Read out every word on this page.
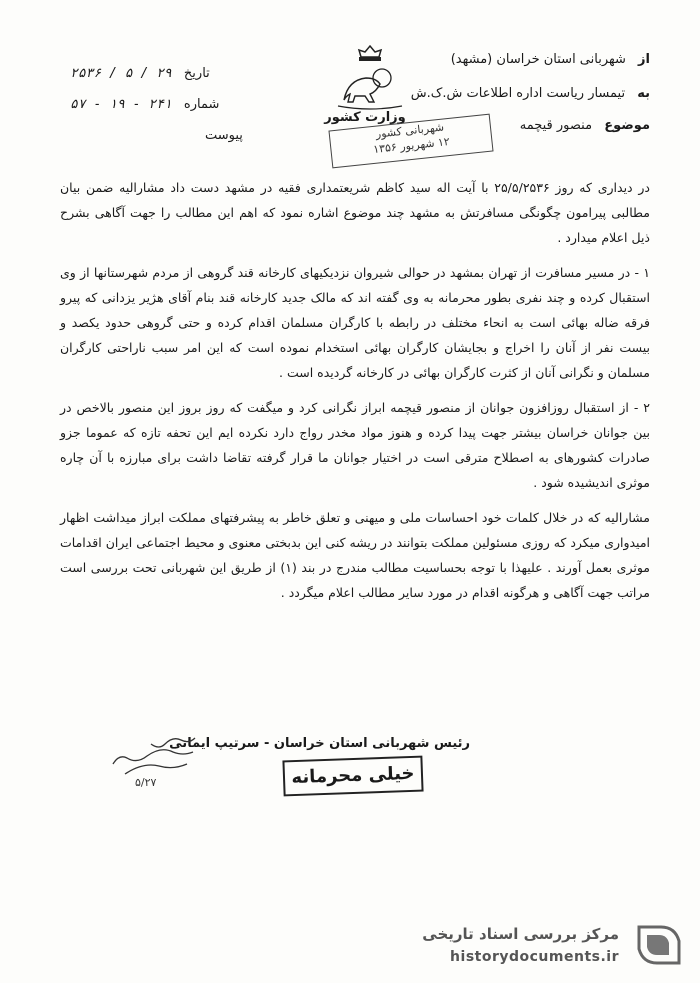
از شهربانی استان خراسان (مشهد)
به تیمسار ریاست اداره اطلاعات ش.ک.ش
موضوع منصور قیچمه
وزارت کشور
شهربانی کشور
۱۲ شهریور ۱۳۵۶
تاریخ ۲۹ / ۵ / ۲۵۳۶
شماره ۲۴۱ - ۱۹ - ۵۷
پیوست

در دیداری که روز ۲۵/۵/۲۵۳۶ با آیت اله سید کاظم شریعتمداری فقیه در مشهد دست داد مشارالیه ضمن بیان مطالبی پیرامون چگونگی مسافرتش به مشهد چند موضوع اشاره نمود که اهم این مطالب را جهت آگاهی بشرح ذیل اعلام میدارد .

۱ - در مسیر مسافرت از تهران بمشهد در حوالی شیروان نزدیکیهای کارخانه قند گروهی از مردم شهرستانها از وی استقبال کرده و چند نفری بطور محرمانه به وی گفته اند که مالک جدید کارخانه قند بنام آقای هژیر یزدانی که پیرو فرقه ضاله بهائی است به انحاء مختلف در رابطه با کارگران مسلمان اقدام کرده و حتی گروهی حدود یکصد و بیست نفر از آنان را اخراج و بجایشان کارگران بهائی استخدام نموده است که این امر سبب ناراحتی کارگران مسلمان و نگرانی آنان از کثرت کارگران بهائی در کارخانه گردیده است .

۲ - از استقبال روزافزون جوانان از منصور قیچمه ابراز نگرانی کرد و میگفت که روز بروز این منصور بالاخص در بین جوانان خراسان بیشتر جهت پیدا کرده و هنوز مواد مخدر رواج دارد نکرده ایم این تحفه تازه که عموما جزو صادرات کشورهای به اصطلاح مترقی است در اختیار جوانان ما قرار گرفته تقاضا داشت برای مبارزه با آن چاره موثری اندیشیده شود .

مشارالیه که در خلال کلمات خود احساسات ملی و میهنی و تعلق خاطر به پیشرفتهای مملکت ابراز میداشت اظهار امیدواری میکرد که روزی مسئولین مملکت بتوانند در ریشه کنی این بدبختی معنوی و محیط اجتماعی ایران اقدامات موثری بعمل آورند . علیهذا با توجه بحساسیت مطالب مندرج در بند (۱) از طریق این شهربانی تحت بررسی است مراتب جهت آگاهی و هرگونه اقدام در مورد سایر مطالب اعلام میگردد .

رئیس شهربانی استان خراسان - سرتیپ ایمانی
خیلی محرمانه
۵/۲۷
مرکز بررسی اسناد تاریخی
historydocuments.ir
